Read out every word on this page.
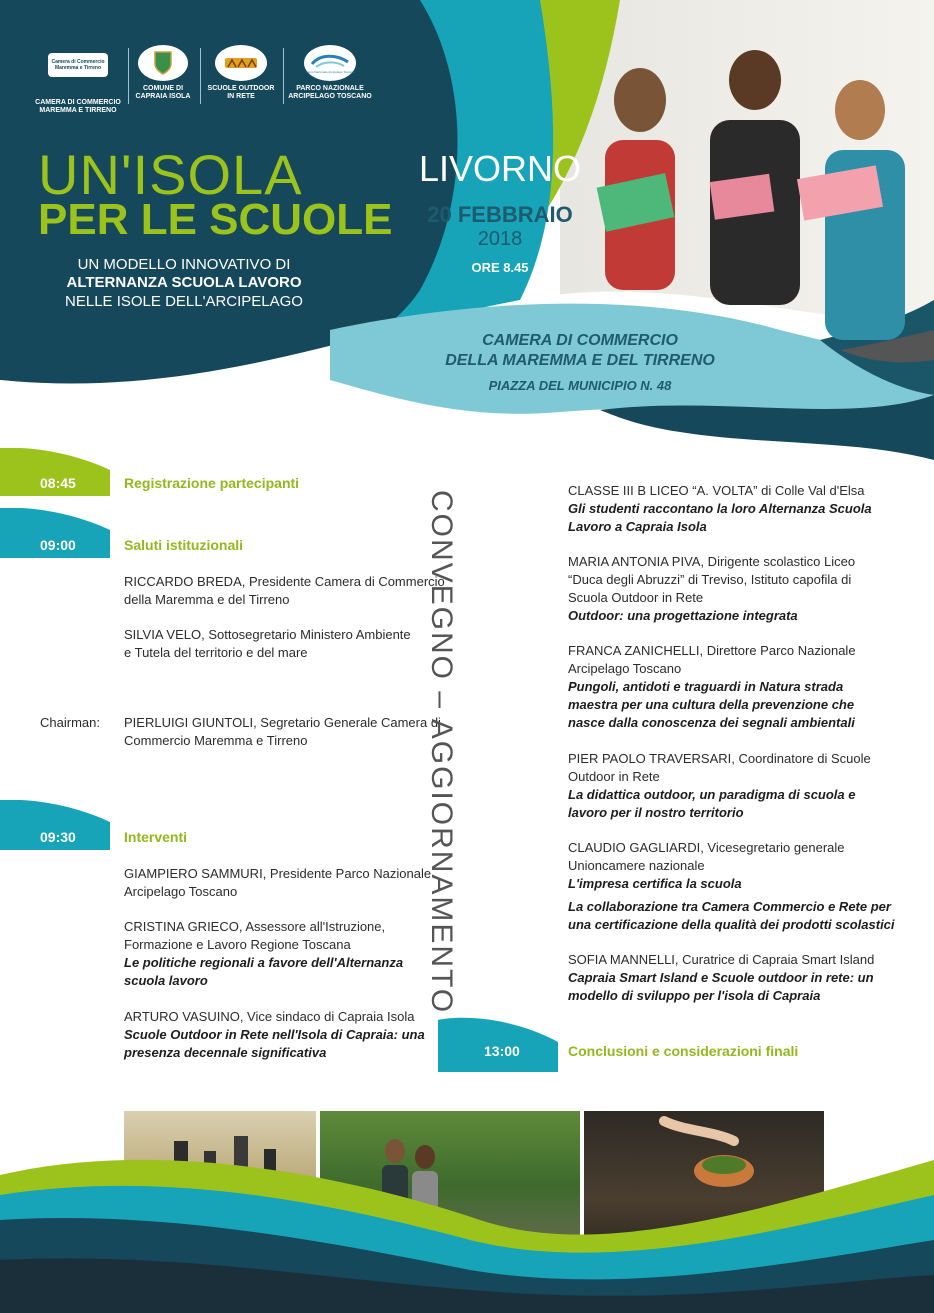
Camera di Commercio Maremma e Tirreno
CAMERA DI COMMERCIO
MAREMMA E TIRRENO
COMUNE DI
CAPRAIA ISOLA
SCUOLE OUTDOOR
IN RETE
Parco Nazionale Arcipelago Toscano
PARCO NAZIONALE
ARCIPELAGO TOSCANO
UN'ISOLA
PER LE SCUOLE
UN MODELLO INNOVATIVO DI
ALTERNANZA SCUOLA LAVORO
NELLE ISOLE DELL'ARCIPELAGO
LIVORNO
20 FEBBRAIO
2018
ORE 8.45
CAMERA DI COMMERCIO
DELLA MAREMMA E DEL TIRRENO
PIAZZA DEL MUNICIPIO N. 48
08:45	Registrazione partecipanti
09:00	Saluti istituzionali
RICCARDO BREDA, Presidente Camera di Commercio
della Maremma e del Tirreno
SILVIA VELO, Sottosegretario Ministero Ambiente
e Tutela del territorio e del mare
Chairman: PIERLUIGI GIUNTOLI, Segretario Generale Camera di
Commercio Maremma e Tirreno
09:30	Interventi
GIAMPIERO SAMMURI, Presidente Parco Nazionale
Arcipelago Toscano
CRISTINA GRIECO, Assessore all'Istruzione,
Formazione e Lavoro Regione Toscana
Le politiche regionali a favore dell'Alternanza
scuola lavoro
ARTURO VASUINO, Vice sindaco di Capraia Isola
Scuole Outdoor in Rete nell'Isola di Capraia: una
presenza decennale significativa
CONVEGNO – AGGIORNAMENTO	CLASSE III B LICEO “A. VOLTA” di Colle Val d'Elsa
Gli studenti raccontano la loro Alternanza Scuola
Lavoro a Capraia Isola
MARIA ANTONIA PIVA, Dirigente scolastico Liceo
“Duca degli Abruzzi” di Treviso, Istituto capofila di
Scuola Outdoor in Rete
Outdoor: una progettazione integrata
FRANCA ZANICHELLI, Direttore Parco Nazionale
Arcipelago Toscano
Pungoli, antidoti e traguardi in Natura strada
maestra per una cultura della prevenzione che
nasce dalla conoscenza dei segnali ambientali
PIER PAOLO TRAVERSARI, Coordinatore di Scuole
Outdoor in Rete
La didattica outdoor, un paradigma di scuola e
lavoro per il nostro territorio
CLAUDIO GAGLIARDI, Vicesegretario generale
Unioncamere nazionale
L'impresa certifica la scuola
La collaborazione tra Camera Commercio e Rete per
una certificazione della qualità dei prodotti scolastici
SOFIA MANNELLI, Curatrice di Capraia Smart Island
Capraia Smart Island e Scuole outdoor in rete: un
modello di sviluppo per l'isola di Capraia
13:00	Conclusioni e considerazioni finali
